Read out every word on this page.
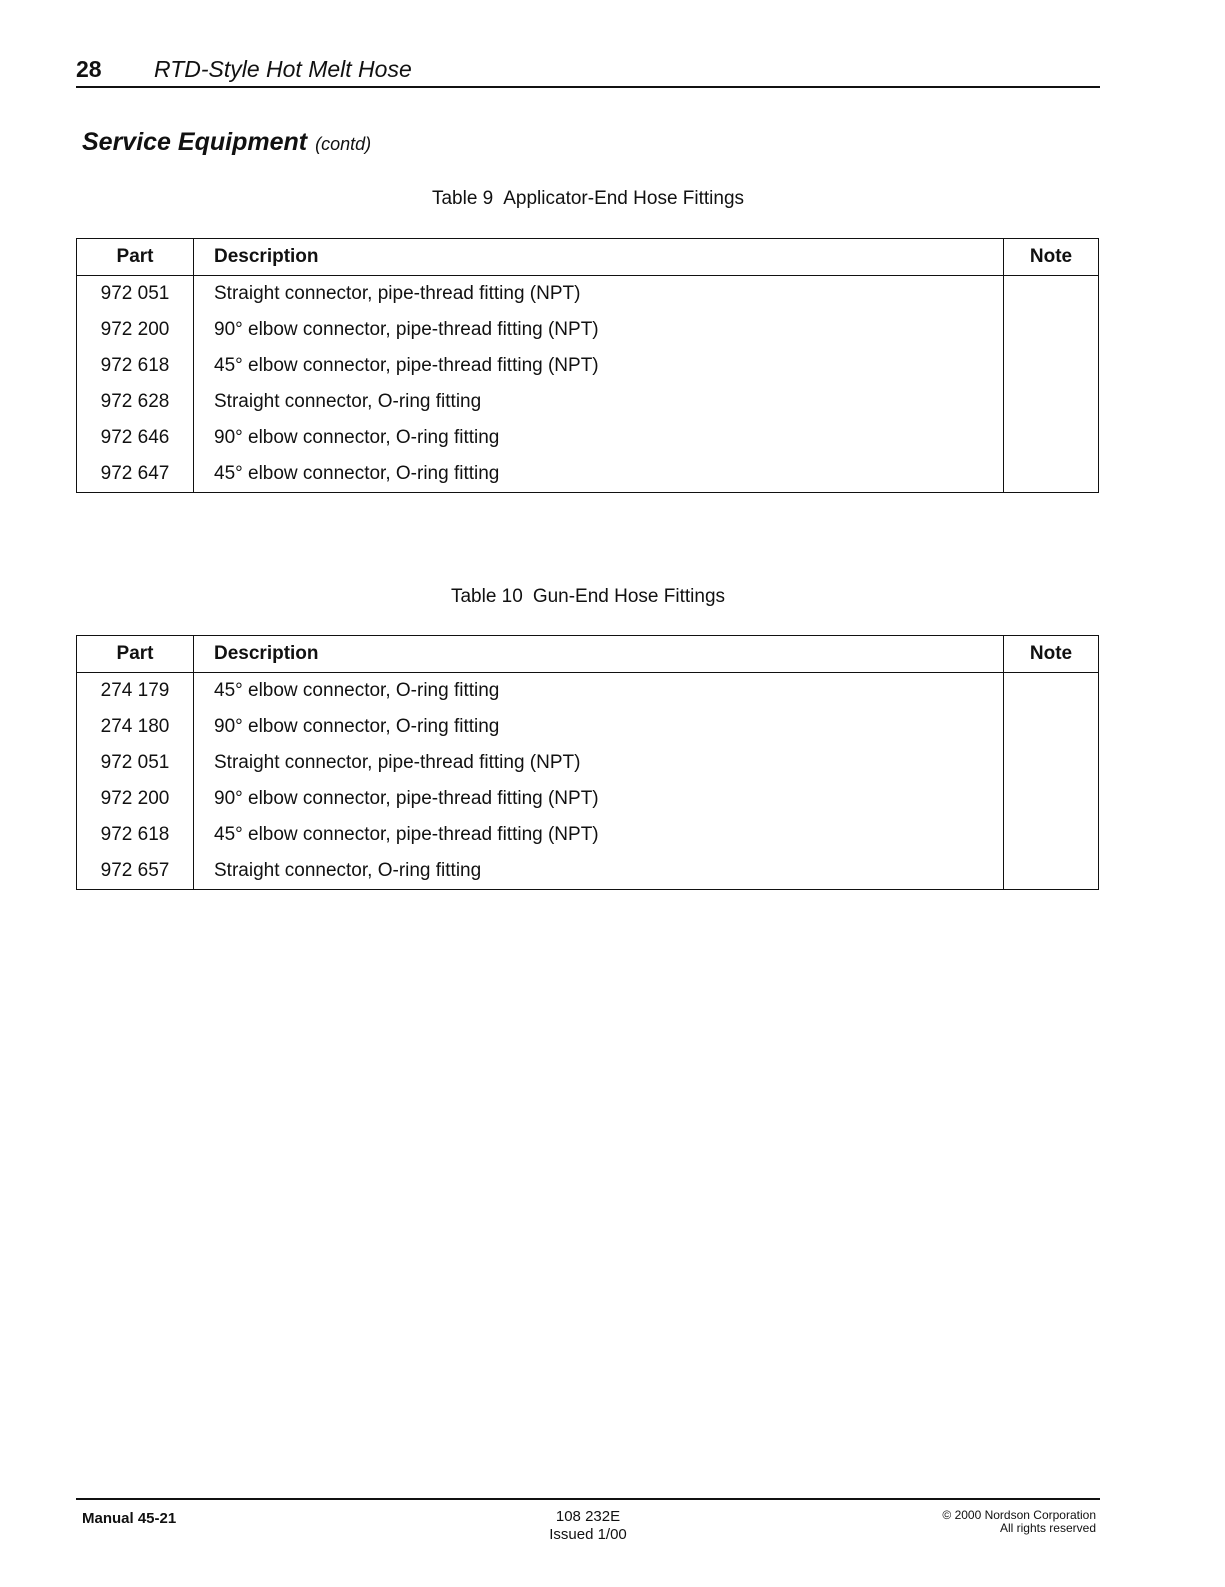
28 RTD-Style Hot Melt Hose
Service Equipment (contd)
Table 9 Applicator-End Hose Fittings
Part	Description	Note
972 051	Straight connector, pipe-thread fitting (NPT)	
972 200	90° elbow connector, pipe-thread fitting (NPT)	
972 618	45° elbow connector, pipe-thread fitting (NPT)	
972 628	Straight connector, O-ring fitting	
972 646	90° elbow connector, O-ring fitting	
972 647	45° elbow connector, O-ring fitting	
Table 10 Gun-End Hose Fittings
Part	Description	Note
274 179	45° elbow connector, O-ring fitting	
274 180	90° elbow connector, O-ring fitting	
972 051	Straight connector, pipe-thread fitting (NPT)	
972 200	90° elbow connector, pipe-thread fitting (NPT)	
972 618	45° elbow connector, pipe-thread fitting (NPT)	
972 657	Straight connector, O-ring fitting	
Manual 45-21	108 232E
Issued 1/00
© 2000 Nordson Corporation
All rights reserved
